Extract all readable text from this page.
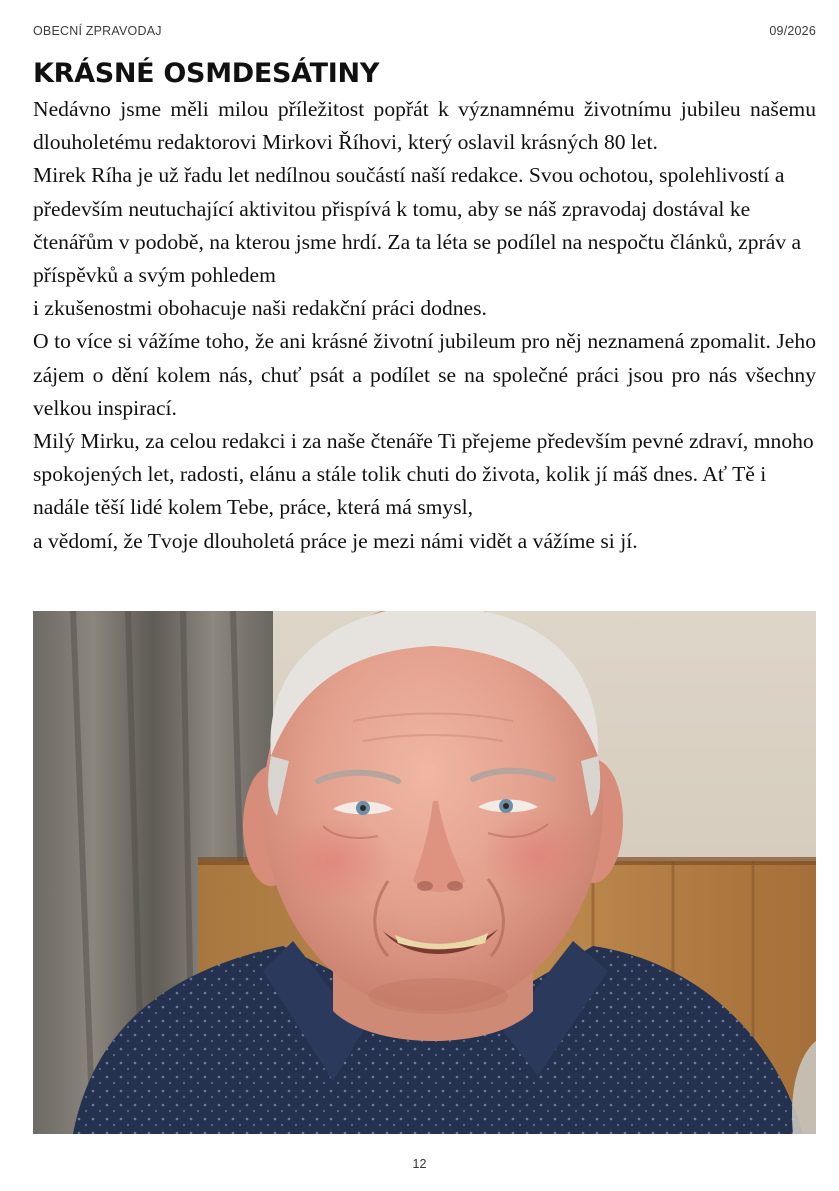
OBECNÍ ZPRAVODAJ	09/2026
KRÁSNÉ OSMDESÁTINY

Nedávno jsme měli milou příležitost popřát k významnému životnímu jubileu našemu dlouholetému redaktorovi Mirkovi Říhovi, který oslavil krásných 80 let.

Mirek Ríha je už řadu let nedílnou součástí naší redakce. Svou ochotou, spolehlivostí a především neutuchající aktivitou přispívá k tomu, aby se náš zpravodaj dostával ke čtenářům v podobě, na kterou jsme hrdí. Za ta léta se podílel na nespočtu článků, zpráv a příspěvků a svým pohledem

i zkušenostmi obohacuje naši redakční práci dodnes.

O to více si vážíme toho, že ani krásné životní jubileum pro něj neznamená zpomalit. Jeho zájem o dění kolem nás, chuť psát a podílet se na společné práci jsou pro nás všechny velkou inspirací.

Milý Mirku, za celou redakci i za naše čtenáře Ti přejeme především pevné zdraví, mnoho spokojených let, radosti, elánu a stále tolik chuti do života, kolik jí máš dnes. Ať Tě i nadále těší lidé kolem Tebe, práce, která má smysl,

a vědomí, že Tvoje dlouholetá práce je mezi námi vidět a vážíme si jí.

12
